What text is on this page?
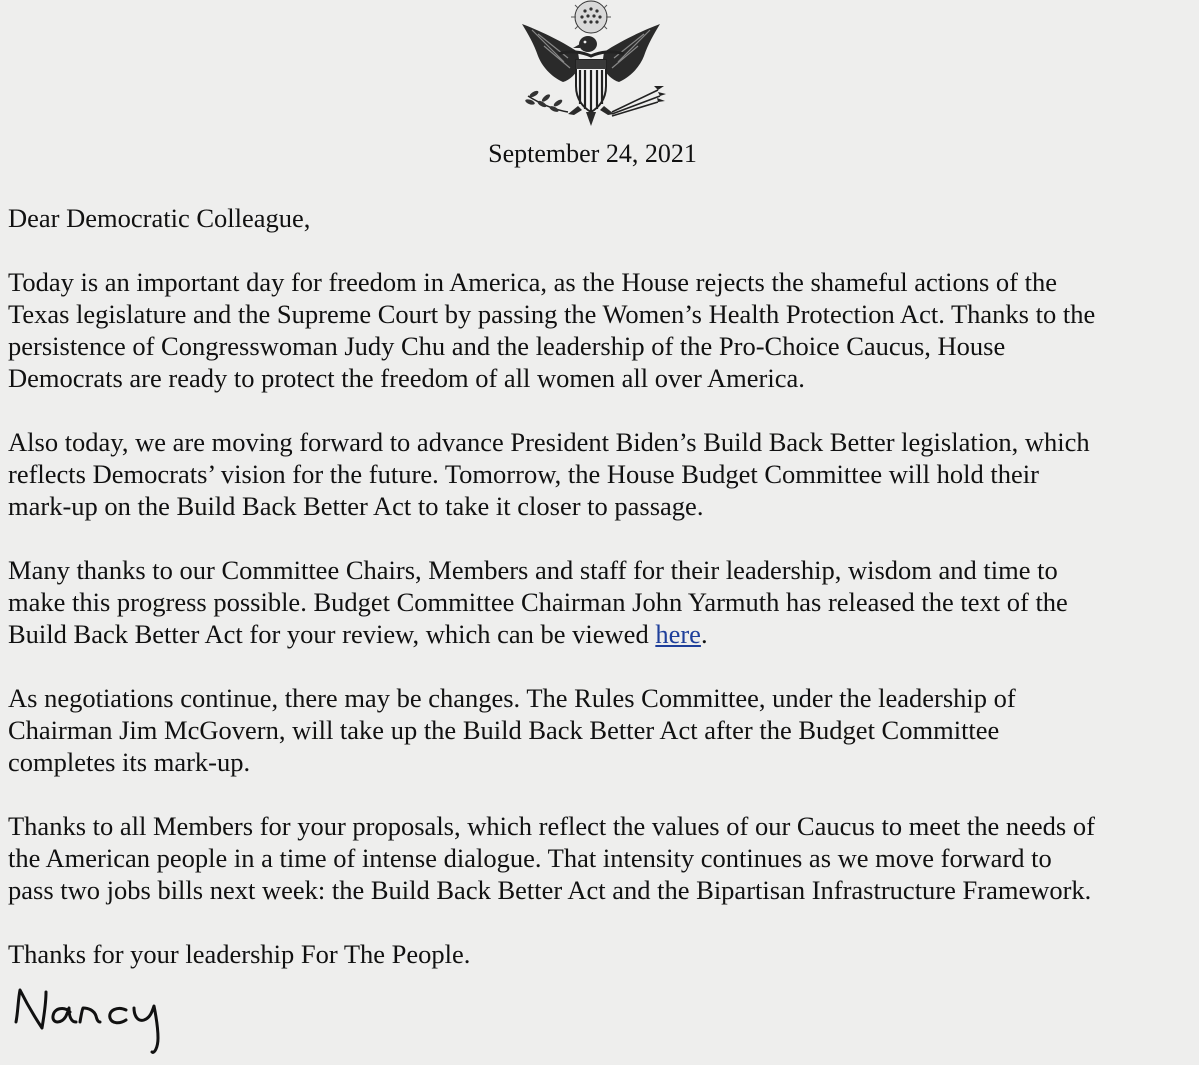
September 24, 2021

Dear Democratic Colleague,

Today is an important day for freedom in America, as the House rejects the shameful actions of the
Texas legislature and the Supreme Court by passing the Women’s Health Protection Act. Thanks to the
persistence of Congresswoman Judy Chu and the leadership of the Pro-Choice Caucus, House
Democrats are ready to protect the freedom of all women all over America.

Also today, we are moving forward to advance President Biden’s Build Back Better legislation, which
reflects Democrats’ vision for the future. Tomorrow, the House Budget Committee will hold their
mark-up on the Build Back Better Act to take it closer to passage.

Many thanks to our Committee Chairs, Members and staff for their leadership, wisdom and time to
make this progress possible. Budget Committee Chairman John Yarmuth has released the text of the
Build Back Better Act for your review, which can be viewed here.

As negotiations continue, there may be changes. The Rules Committee, under the leadership of
Chairman Jim McGovern, will take up the Build Back Better Act after the Budget Committee
completes its mark-up.

Thanks to all Members for your proposals, which reflect the values of our Caucus to meet the needs of
the American people in a time of intense dialogue. That intensity continues as we move forward to
pass two jobs bills next week: the Build Back Better Act and the Bipartisan Infrastructure Framework.

Thanks for your leadership For The People.
